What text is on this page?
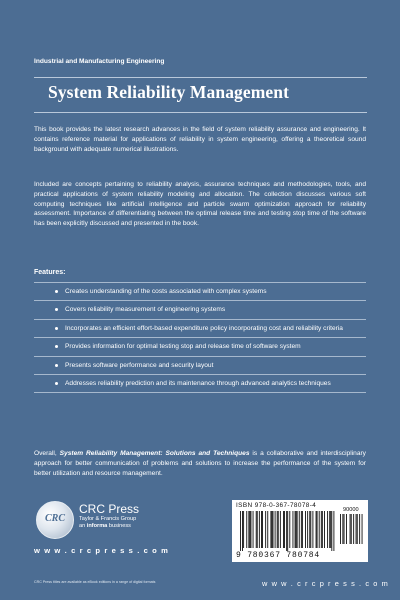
Industrial and Manufacturing Engineering
System Reliability Management

This book provides the latest research advances in the field of system reliability assurance and engineering. It contains reference material for applications of reliability in system engineering, offering a theoretical sound background with adequate numerical illustrations.

Included are concepts pertaining to reliability analysis, assurance techniques and methodologies, tools, and practical applications of system reliability modeling and allocation. The collection discusses various soft computing techniques like artificial intelligence and particle swarm optimization approach for reliability assessment. Importance of differentiating between the optimal release time and testing stop time of the software has been explicitly discussed and presented in the book.

Features:

Creates understanding of the costs associated with complex systems
Covers reliability measurement of engineering systems
Incorporates an efficient effort-based expenditure policy incorporating cost and reliability criteria
Provides information for optimal testing stop and release time of software system
Presents software performance and security layout
Addresses reliability prediction and its maintenance through advanced analytics techniques

Overall, System Reliability Management: Solutions and Techniques is a collaborative and interdisciplinary approach for better communication of problems and solutions to increase the performance of the system for better utilization and resource management.

CRC
CRC Press
Taylor & Francis Group
an informa business
w w w . c r c p r e s s . c o m
ISBN 978-0-367-78078-4
90000
9 780367 780784
CRC Press titles are available as eBook editions in a range of digital formats	w w w . c r c p r e s s . c o m
